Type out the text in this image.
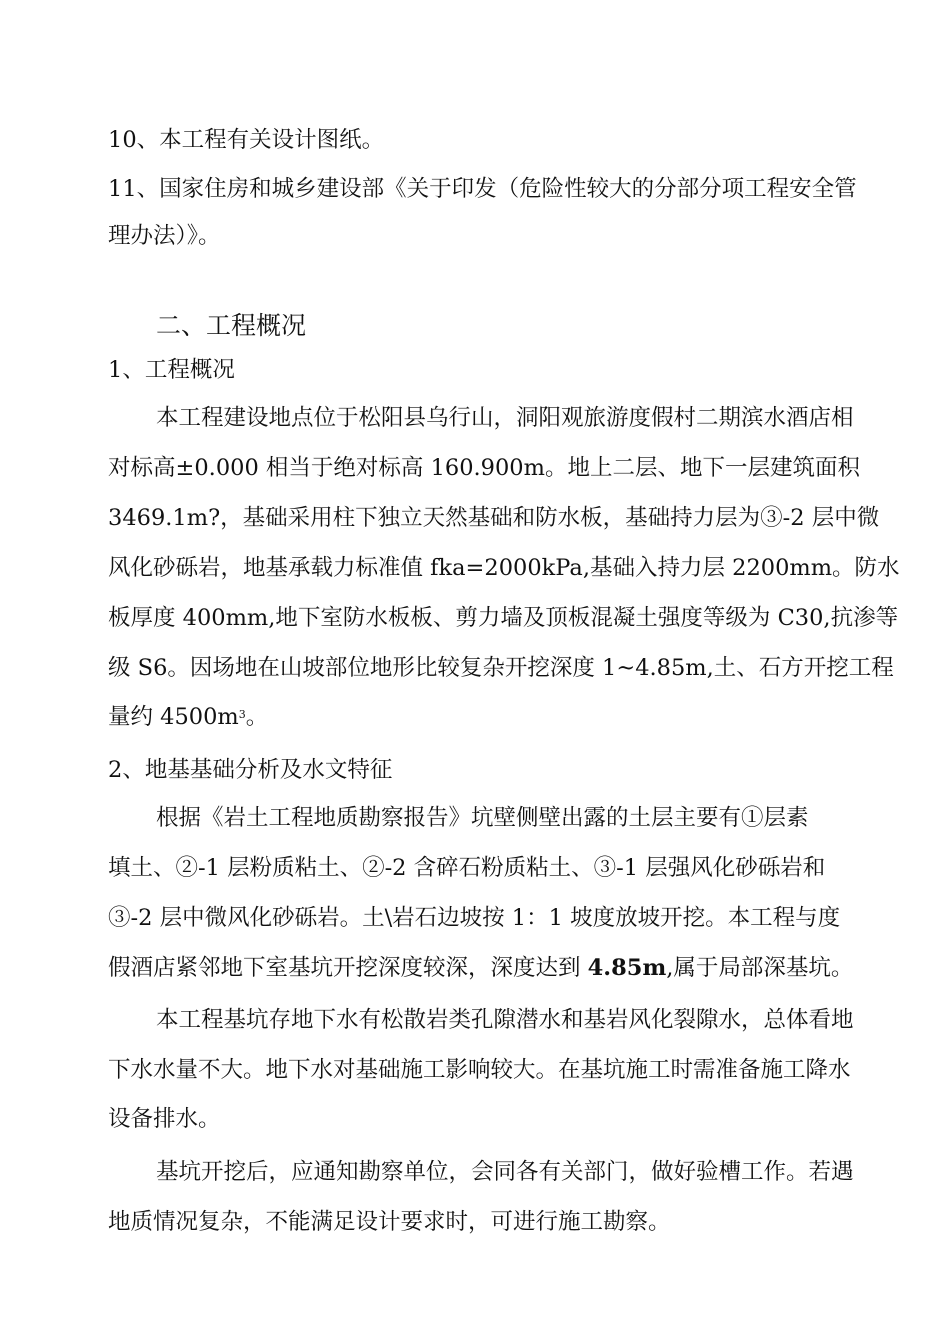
10、本工程有关设计图纸。

11、国家住房和城乡建设部《关于印发（危险性较大的分部分项工程安全管

理办法）》。

二、工程概况

1、工程概况

本工程建设地点位于松阳县乌行山，洞阳观旅游度假村二期滨水酒店相

对标高±0.000 相当于绝对标高 160.900m。地上二层、地下一层建筑面积

3469.1m?，基础采用柱下独立天然基础和防水板，基础持力层为③-2 层中微

风化砂砾岩，地基承载力标准值 fka=2000kPa,基础入持力层 2200mm。防水

板厚度 400mm,地下室防水板板、剪力墙及顶板混凝土强度等级为 C30,抗渗等

级 S6。因场地在山坡部位地形比较复杂开挖深度 1~4.85m,土、石方开挖工程

量约 $4500m^3$。

2、地基基础分析及水文特征

根据《岩土工程地质勘察报告》坑壁侧壁出露的土层主要有①层素

填土、②-1 层粉质粘土、②-2 含碎石粉质粘土、③-1 层强风化砂砾岩和

③-2 层中微风化砂砾岩。土\岩石边坡按 1：1 坡度放坡开挖。本工程与度

假酒店紧邻地下室基坑开挖深度较深，深度达到 4.85m,属于局部深基坑。

本工程基坑存地下水有松散岩类孔隙潜水和基岩风化裂隙水，总体看地

下水水量不大。地下水对基础施工影响较大。在基坑施工时需准备施工降水

设备排水。

基坑开挖后，应通知勘察单位，会同各有关部门，做好验槽工作。若遇

地质情况复杂，不能满足设计要求时，可进行施工勘察。
